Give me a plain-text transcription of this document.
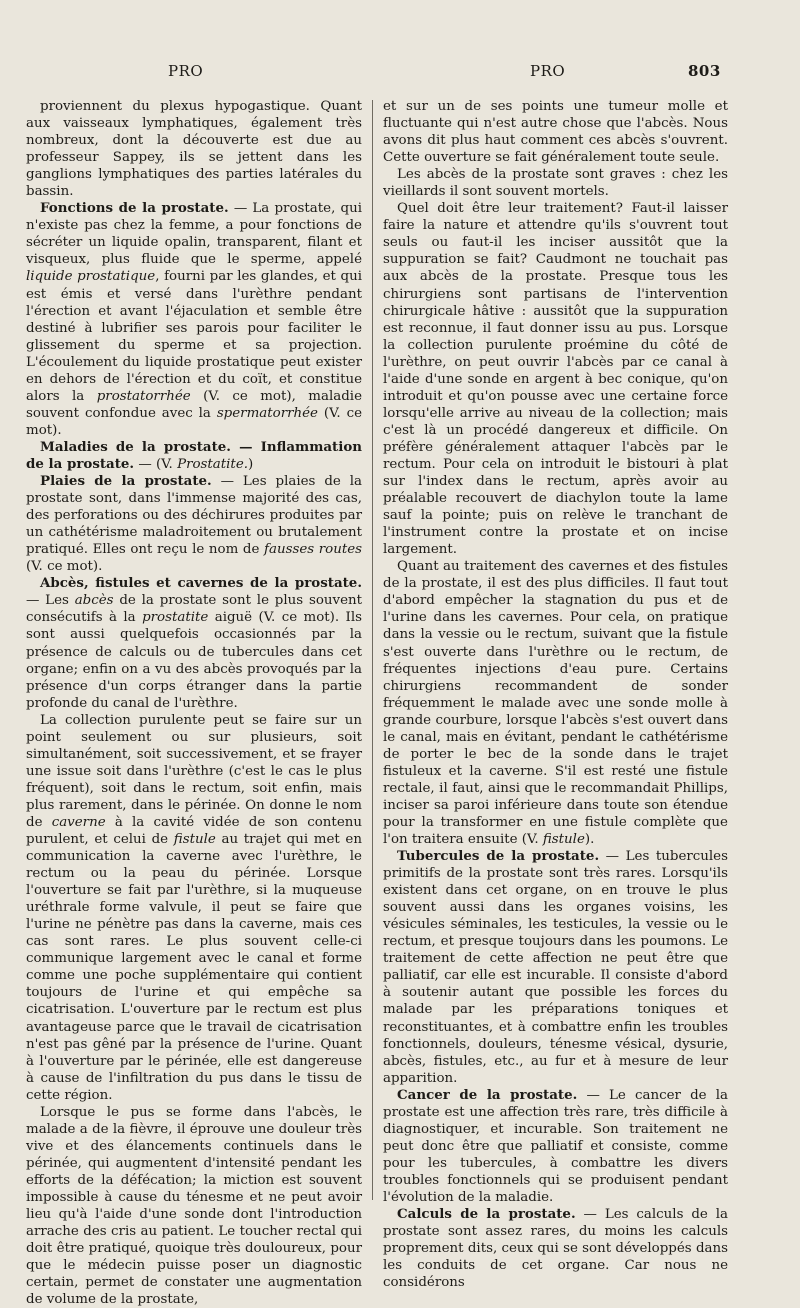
PRO	PRO	803

proviennent du plexus hypogastique. Quant aux vaisseaux lymphatiques, également très nombreux, dont la découverte est due au professeur Sappey, ils se jettent dans les ganglions lymphatiques des parties latérales du bassin.

Fonctions de la prostate. — La prostate, qui n'existe pas chez la femme, a pour fonctions de sécréter un liquide opalin, transparent, filant et visqueux, plus fluide que le sperme, appelé liquide prostatique, fourni par les glandes, et qui est émis et versé dans l'urèthre pendant l'érection et avant l'éjaculation et semble être destiné à lubrifier ses parois pour faciliter le glissement du sperme et sa projection. L'écoulement du liquide prostatique peut exister en dehors de l'érection et du coït, et constitue alors la prostatorrhée (V. ce mot), maladie souvent confondue avec la spermatorrhée (V. ce mot).

Maladies de la prostate. — Inflammation de la prostate. — (V. Prostatite.)

Plaies de la prostate. — Les plaies de la prostate sont, dans l'immense majorité des cas, des perforations ou des déchirures produites par un cathétérisme maladroitement ou brutalement pratiqué. Elles ont reçu le nom de fausses routes (V. ce mot).

Abcès, fistules et cavernes de la prostate. — Les abcès de la prostate sont le plus souvent consécutifs à la prostatite aiguë (V. ce mot). Ils sont aussi quelquefois occasionnés par la présence de calculs ou de tubercules dans cet organe; enfin on a vu des abcès provoqués par la présence d'un corps étranger dans la partie profonde du canal de l'urèthre.

La collection purulente peut se faire sur un point seulement ou sur plusieurs, soit simultanément, soit successivement, et se frayer une issue soit dans l'urèthre (c'est le cas le plus fréquent), soit dans le rectum, soit enfin, mais plus rarement, dans le périnée. On donne le nom de caverne à la cavité vidée de son contenu purulent, et celui de fistule au trajet qui met en communication la caverne avec l'urèthre, le rectum ou la peau du périnée. Lorsque l'ouverture se fait par l'urèthre, si la muqueuse uréthrale forme valvule, il peut se faire que l'urine ne pénètre pas dans la caverne, mais ces cas sont rares. Le plus souvent celle-ci communique largement avec le canal et forme comme une poche supplémentaire qui contient toujours de l'urine et qui empêche sa cicatrisation. L'ouverture par le rectum est plus avantageuse parce que le travail de cicatrisation n'est pas gêné par la présence de l'urine. Quant à l'ouverture par le périnée, elle est dangereuse à cause de l'infiltration du pus dans le tissu de cette région.

Lorsque le pus se forme dans l'abcès, le malade a de la fièvre, il éprouve une douleur très vive et des élancements continuels dans le périnée, qui augmentent d'intensité pendant les efforts de la défécation; la miction est souvent impossible à cause du ténesme et ne peut avoir lieu qu'à l'aide d'une sonde dont l'introduction arrache des cris au patient. Le toucher rectal qui doit être pratiqué, quoique très douloureux, pour que le médecin puisse poser un diagnostic certain, permet de constater une augmentation de volume de la prostate,

et sur un de ses points une tumeur molle et fluctuante qui n'est autre chose que l'abcès. Nous avons dit plus haut comment ces abcès s'ouvrent. Cette ouverture se fait généralement toute seule.

Les abcès de la prostate sont graves : chez les vieillards il sont souvent mortels.

Quel doit être leur traitement? Faut-il laisser faire la nature et attendre qu'ils s'ouvrent tout seuls ou faut-il les inciser aussitôt que la suppuration se fait? Caudmont ne touchait pas aux abcès de la prostate. Presque tous les chirurgiens sont partisans de l'intervention chirurgicale hâtive : aussitôt que la suppuration est reconnue, il faut donner issu au pus. Lorsque la collection purulente proémine du côté de l'urèthre, on peut ouvrir l'abcès par ce canal à l'aide d'une sonde en argent à bec conique, qu'on introduit et qu'on pousse avec une certaine force lorsqu'elle arrive au niveau de la collection; mais c'est là un procédé dangereux et difficile. On préfère généralement attaquer l'abcès par le rectum. Pour cela on introduit le bistouri à plat sur l'index dans le rectum, après avoir au préalable recouvert de diachylon toute la lame sauf la pointe; puis on relève le tranchant de l'instrument contre la prostate et on incise largement.

Quant au traitement des cavernes et des fistules de la prostate, il est des plus difficiles. Il faut tout d'abord empêcher la stagnation du pus et de l'urine dans les cavernes. Pour cela, on pratique dans la vessie ou le rectum, suivant que la fistule s'est ouverte dans l'urèthre ou le rectum, de fréquentes injections d'eau pure. Certains chirurgiens recommandent de sonder fréquemment le malade avec une sonde molle à grande courbure, lorsque l'abcès s'est ouvert dans le canal, mais en évitant, pendant le cathétérisme de porter le bec de la sonde dans le trajet fistuleux et la caverne. S'il est resté une fistule rectale, il faut, ainsi que le recommandait Phillips, inciser sa paroi inférieure dans toute son étendue pour la transformer en une fistule complète que l'on traitera ensuite (V. fistule).

Tubercules de la prostate. — Les tubercules primitifs de la prostate sont très rares. Lorsqu'ils existent dans cet organe, on en trouve le plus souvent aussi dans les organes voisins, les vésicules séminales, les testicules, la vessie ou le rectum, et presque toujours dans les poumons. Le traitement de cette affection ne peut être que palliatif, car elle est incurable. Il consiste d'abord à soutenir autant que possible les forces du malade par les préparations toniques et reconstituantes, et à combattre enfin les troubles fonctionnels, douleurs, ténesme vésical, dysurie, abcès, fistules, etc., au fur et à mesure de leur apparition.

Cancer de la prostate. — Le cancer de la prostate est une affection très rare, très difficile à diagnostiquer, et incurable. Son traitement ne peut donc être que palliatif et consiste, comme pour les tubercules, à combattre les divers troubles fonctionnels qui se produisent pendant l'évolution de la maladie.

Calculs de la prostate. — Les calculs de la prostate sont assez rares, du moins les calculs proprement dits, ceux qui se sont développés dans les conduits de cet organe. Car nous ne considérons
